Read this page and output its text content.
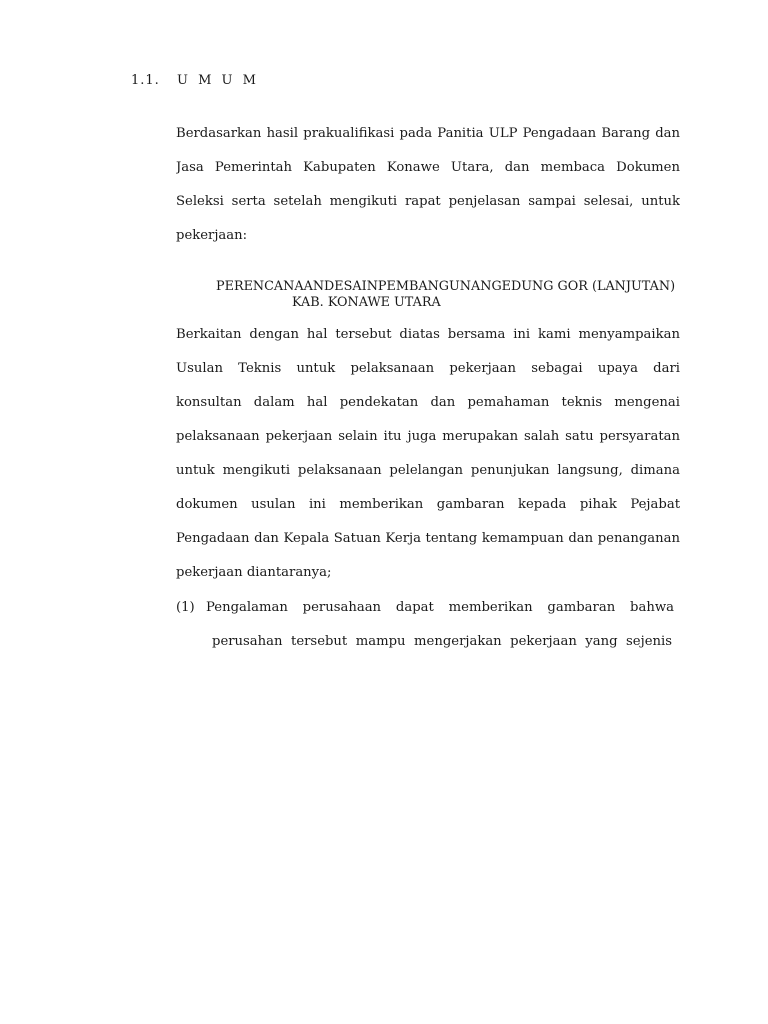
1.1. U M U M
Berdasarkan hasil prakualifikasi pada Panitia ULP Pengadaan Barang dan
Jasa Pemerintah Kabupaten Konawe Utara, dan membaca Dokumen
Seleksi serta setelah mengikuti rapat penjelasan sampai selesai, untuk
pekerjaan:
PERENCANAANDESAINPEMBANGUNANGEDUNG GOR (LANJUTAN)
KAB. KONAWE UTARA
Berkaitan dengan hal tersebut diatas bersama ini kami menyampaikan
Usulan Teknis untuk pelaksanaan pekerjaan sebagai upaya dari
konsultan dalam hal pendekatan dan pemahaman teknis mengenai
pelaksanaan pekerjaan selain itu juga merupakan salah satu persyaratan
untuk mengikuti pelaksanaan pelelangan penunjukan langsung, dimana
dokumen usulan ini memberikan gambaran kepada pihak Pejabat
Pengadaan dan Kepala Satuan Kerja tentang kemampuan dan penanganan
pekerjaan diantaranya;
(1) Pengalaman perusahaan dapat memberikan gambaran bahwa
perusahan tersebut mampu mengerjakan pekerjaan yang sejenis
